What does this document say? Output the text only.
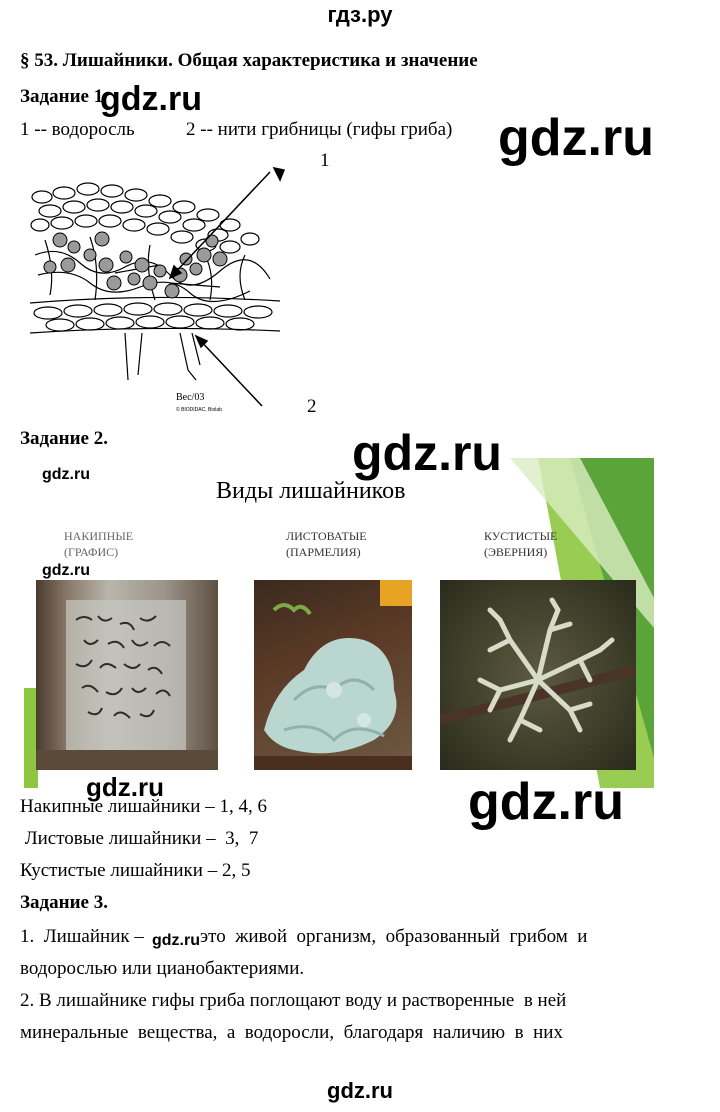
гдз.ру
§ 53. Лишайники. Общая характеристика и значение
Задание 1
gdz.ru
1 -- водоросль	2 -- нити грибницы (гифы гриба) gdz.ru
1
2
Bec/03
© BIODIDAC, Biolab
Задание 2.	gdz.ru
gdz.ru
Виды лишайников
НАКИПНЫЕ
(ГРАФИС)
ЛИСТОВАТЫЕ
(ПАРМЕЛИЯ)
КУСТИСТЫЕ
(ЭВЕРНИЯ)
.
gdz.ru
gdz.ru	gdz.ru
Накипные лишайники – 1, 4, 6
Листовые лишайники –  3,  7
Кустистые лишайники – 2, 5
Задание 3.
1.  Лишайник – gdz.ru это  живой  организм,  образованный  грибом  и
водорослью или цианобактериями.
2. В лишайнике гифы гриба поглощают воду и растворенные  в ней
минеральные  вещества,  а  водоросли,  благодаря  наличию  в  них
gdz.ru
